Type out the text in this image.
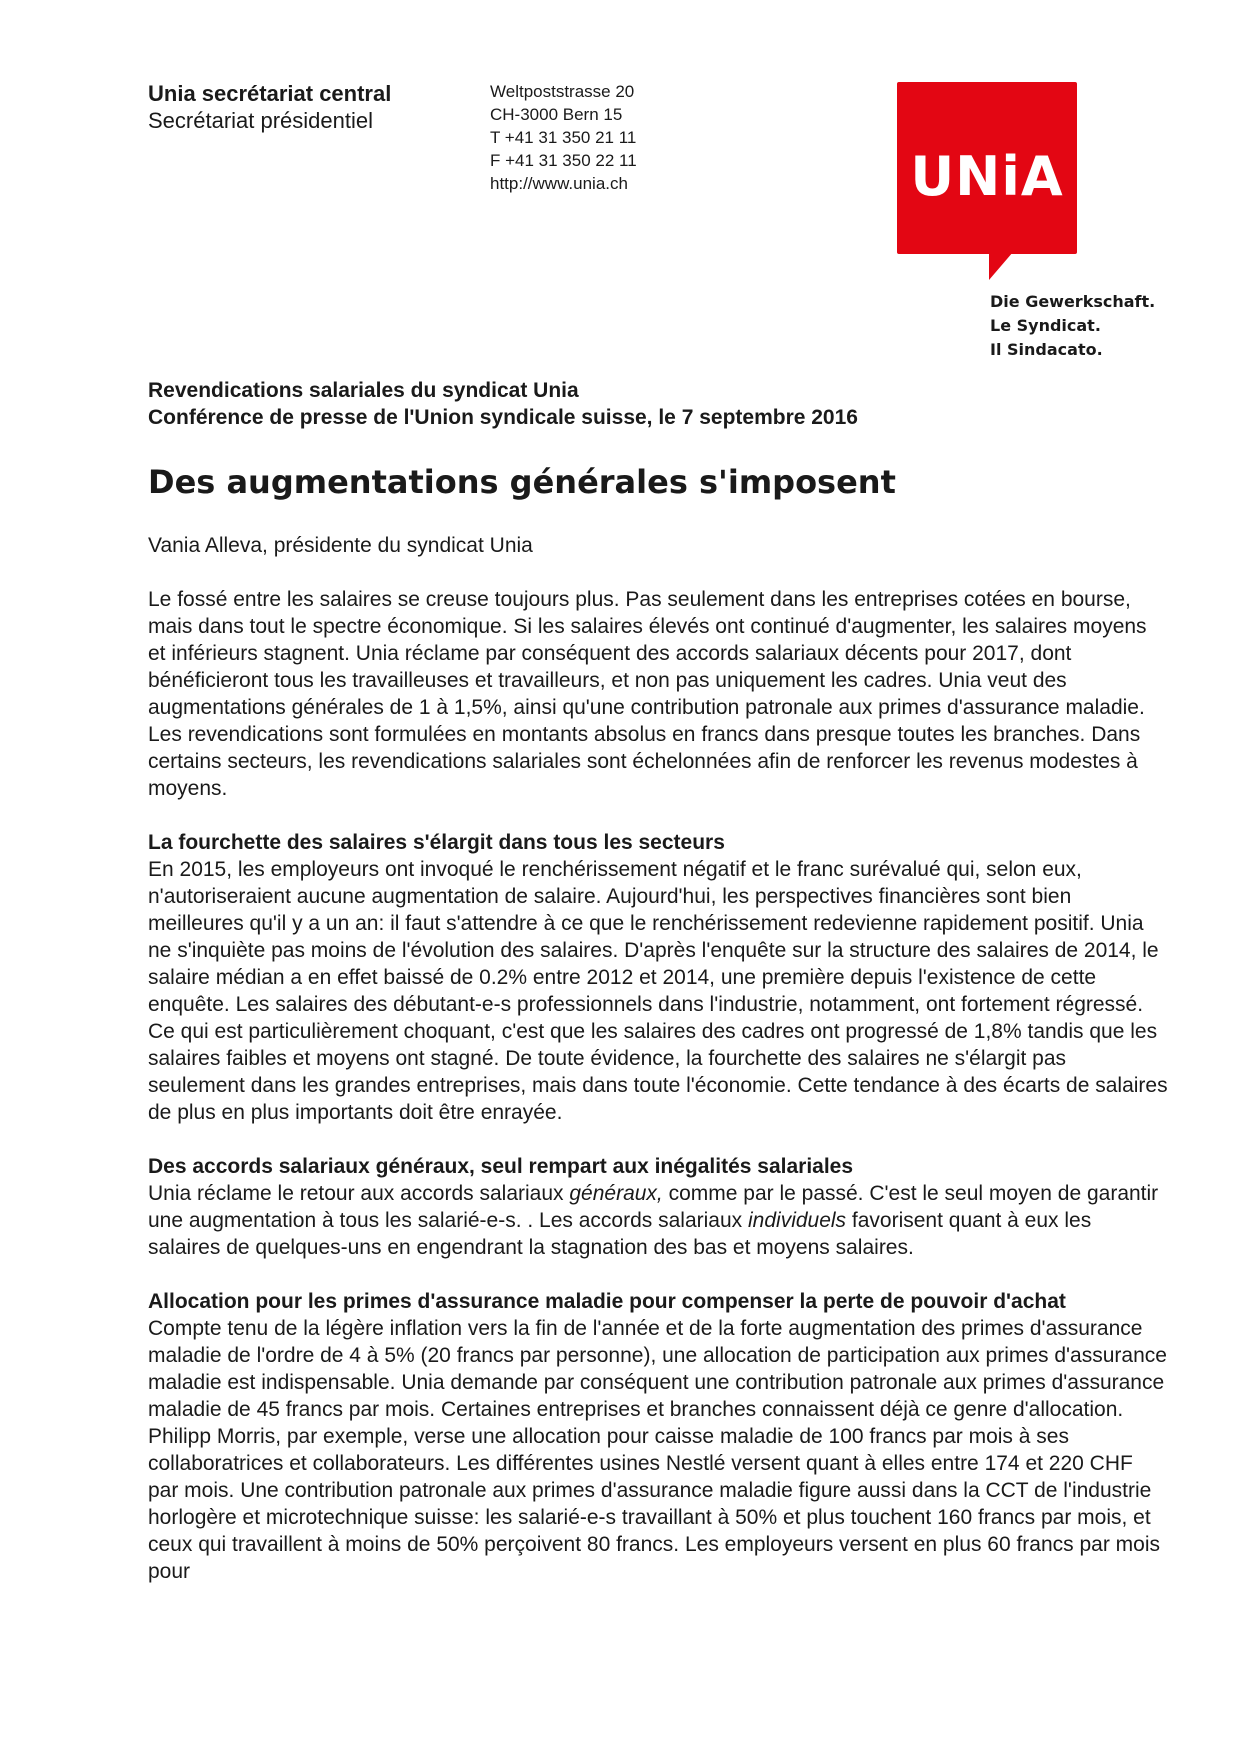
Unia secrétariat central
Secrétariat présidentiel
Weltpoststrasse 20
CH-3000 Bern 15
T +41 31 350 21 11
F +41 31 350 22 11
http://www.unia.ch	UNiA
Die Gewerkschaft.
Le Syndicat.
Il Sindacato.
Revendications salariales du syndicat Unia
Conférence de presse de l'Union syndicale suisse, le 7 septembre 2016
Des augmentations générales s'imposent
Vania Alleva, présidente du syndicat Unia

Le fossé entre les salaires se creuse toujours plus. Pas seulement dans les entreprises cotées en bourse, mais dans tout le spectre économique. Si les salaires élevés ont continué d'augmenter, les salaires moyens et inférieurs stagnent. Unia réclame par conséquent des accords salariaux décents pour 2017, dont bénéficieront tous les travailleuses et travailleurs, et non pas uniquement les cadres. Unia veut des augmentations générales de 1 à 1,5%, ainsi qu'une contribution patronale aux primes d'assurance maladie. Les revendications sont formulées en montants absolus en francs dans presque toutes les branches. Dans certains secteurs, les revendications salariales sont échelonnées afin de renforcer les revenus modestes à moyens.

La fourchette des salaires s'élargit dans tous les secteurs

En 2015, les employeurs ont invoqué le renchérissement négatif et le franc surévalué qui, selon eux, n'autoriseraient aucune augmentation de salaire. Aujourd'hui, les perspectives financières sont bien meilleures qu'il y a un an: il faut s'attendre à ce que le renchérissement redevienne rapidement positif. Unia ne s'inquiète pas moins de l'évolution des salaires. D'après l'enquête sur la structure des salaires de 2014, le salaire médian a en effet baissé de 0.2% entre 2012 et 2014, une première depuis l'existence de cette enquête. Les salaires des débutant-e-s professionnels dans l'industrie, notamment, ont fortement régressé. Ce qui est particulièrement choquant, c'est que les salaires des cadres ont progressé de 1,8% tandis que les salaires faibles et moyens ont stagné. De toute évidence, la fourchette des salaires ne s'élargit pas seulement dans les grandes entreprises, mais dans toute l'économie. Cette tendance à des écarts de salaires de plus en plus importants doit être enrayée.

Des accords salariaux généraux, seul rempart aux inégalités salariales

Unia réclame le retour aux accords salariaux généraux, comme par le passé. C'est le seul moyen de garantir une augmentation à tous les salarié-e-s. . Les accords salariaux individuels favorisent quant à eux les salaires de quelques-uns en engendrant la stagnation des bas et moyens salaires.

Allocation pour les primes d'assurance maladie pour compenser la perte de pouvoir d'achat

Compte tenu de la légère inflation vers la fin de l'année et de la forte augmentation des primes d'assurance maladie de l'ordre de 4 à 5% (20 francs par personne), une allocation de participation aux primes d'assurance maladie est indispensable. Unia demande par conséquent une contribution patronale aux primes d'assurance maladie de 45 francs par mois. Certaines entreprises et branches connaissent déjà ce genre d'allocation. Philipp Morris, par exemple, verse une allocation pour caisse maladie de 100 francs par mois à ses collaboratrices et collaborateurs. Les différentes usines Nestlé versent quant à elles entre 174 et 220 CHF par mois. Une contribution patronale aux primes d'assurance maladie figure aussi dans la CCT de l'industrie horlogère et microtechnique suisse: les salarié-e-s travaillant à 50% et plus touchent 160 francs par mois, et ceux qui travaillent à moins de 50% perçoivent 80 francs. Les employeurs versent en plus 60 francs par mois pour
